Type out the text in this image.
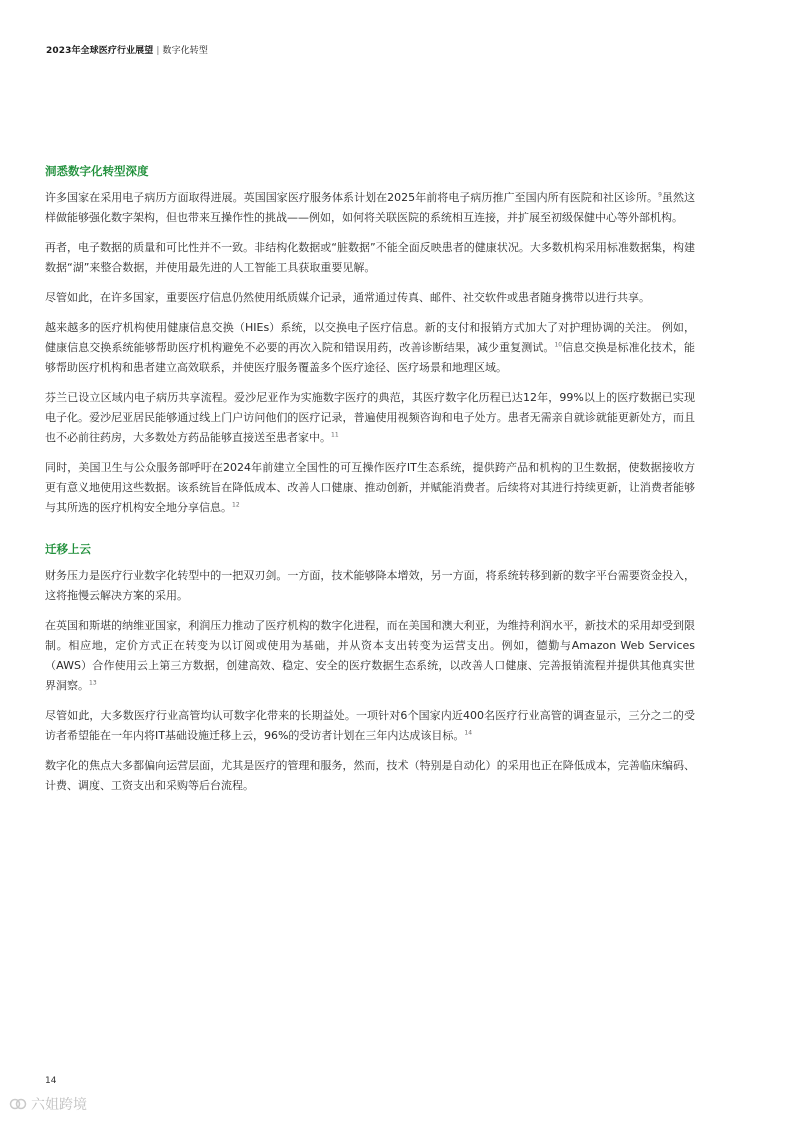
2023年全球医疗行业展望 | 数字化转型
洞悉数字化转型深度

许多国家在采用电子病历方面取得进展。英国国家医疗服务体系计划在2025年前将电子病历推广至国内所有医院和社区诊所。$^9$虽然这样做能够强化数字架构，但也带来互操作性的挑战——例如，如何将关联医院的系统相互连接，并扩展至初级保健中心等外部机构。

再者，电子数据的质量和可比性并不一致。非结构化数据或“脏数据”不能全面反映患者的健康状况。大多数机构采用标准数据集，构建数据“湖”来整合数据，并使用最先进的人工智能工具获取重要见解。

尽管如此，在许多国家，重要医疗信息仍然使用纸质媒介记录，通常通过传真、邮件、社交软件或患者随身携带以进行共享。

越来越多的医疗机构使用健康信息交换（HIEs）系统，以交换电子医疗信息。新的支付和报销方式加大了对护理协调的关注。 例如，健康信息交换系统能够帮助医疗机构避免不必要的再次入院和错误用药，改善诊断结果，减少重复测试。$^{10}$信息交换是标准化技术，能够帮助医疗机构和患者建立高效联系，并使医疗服务覆盖多个医疗途径、医疗场景和地理区域。

芬兰已设立区域内电子病历共享流程。爱沙尼亚作为实施数字医疗的典范，其医疗数字化历程已达12年，99%以上的医疗数据已实现电子化。爱沙尼亚居民能够通过线上门户访问他们的医疗记录，普遍使用视频咨询和电子处方。患者无需亲自就诊就能更新处方，而且也不必前往药房，大多数处方药品能够直接送至患者家中。$^{11}$

同时，美国卫生与公众服务部呼吁在2024年前建立全国性的可互操作医疗IT生态系统，提供跨产品和机构的卫生数据，使数据接收方更有意义地使用这些数据。该系统旨在降低成本、改善人口健康、推动创新，并赋能消费者。后续将对其进行持续更新，让消费者能够与其所选的医疗机构安全地分享信息。$^{12}$

迁移上云

财务压力是医疗行业数字化转型中的一把双刃剑。一方面，技术能够降本增效，另一方面，将系统转移到新的数字平台需要资金投入，这将拖慢云解决方案的采用。

在英国和斯堪的纳维亚国家，利润压力推动了医疗机构的数字化进程，而在美国和澳大利亚，为维持利润水平，新技术的采用却受到限制。相应地，定价方式正在转变为以订阅或使用为基础，并从资本支出转变为运营支出。例如，德勤与Amazon Web Services（AWS）合作使用云上第三方数据，创建高效、稳定、安全的医疗数据生态系统，以改善人口健康、完善报销流程并提供其他真实世界洞察。$^{13}$

尽管如此，大多数医疗行业高管均认可数字化带来的长期益处。一项针对6个国家内近400名医疗行业高管的调查显示，三分之二的受访者希望能在一年内将IT基础设施迁移上云，96%的受访者计划在三年内达成该目标。$^{14}$

数字化的焦点大多都偏向运营层面，尤其是医疗的管理和服务，然而，技术（特别是自动化）的采用也正在降低成本，完善临床编码、计费、调度、工资支出和采购等后台流程。

14
六姐跨境
